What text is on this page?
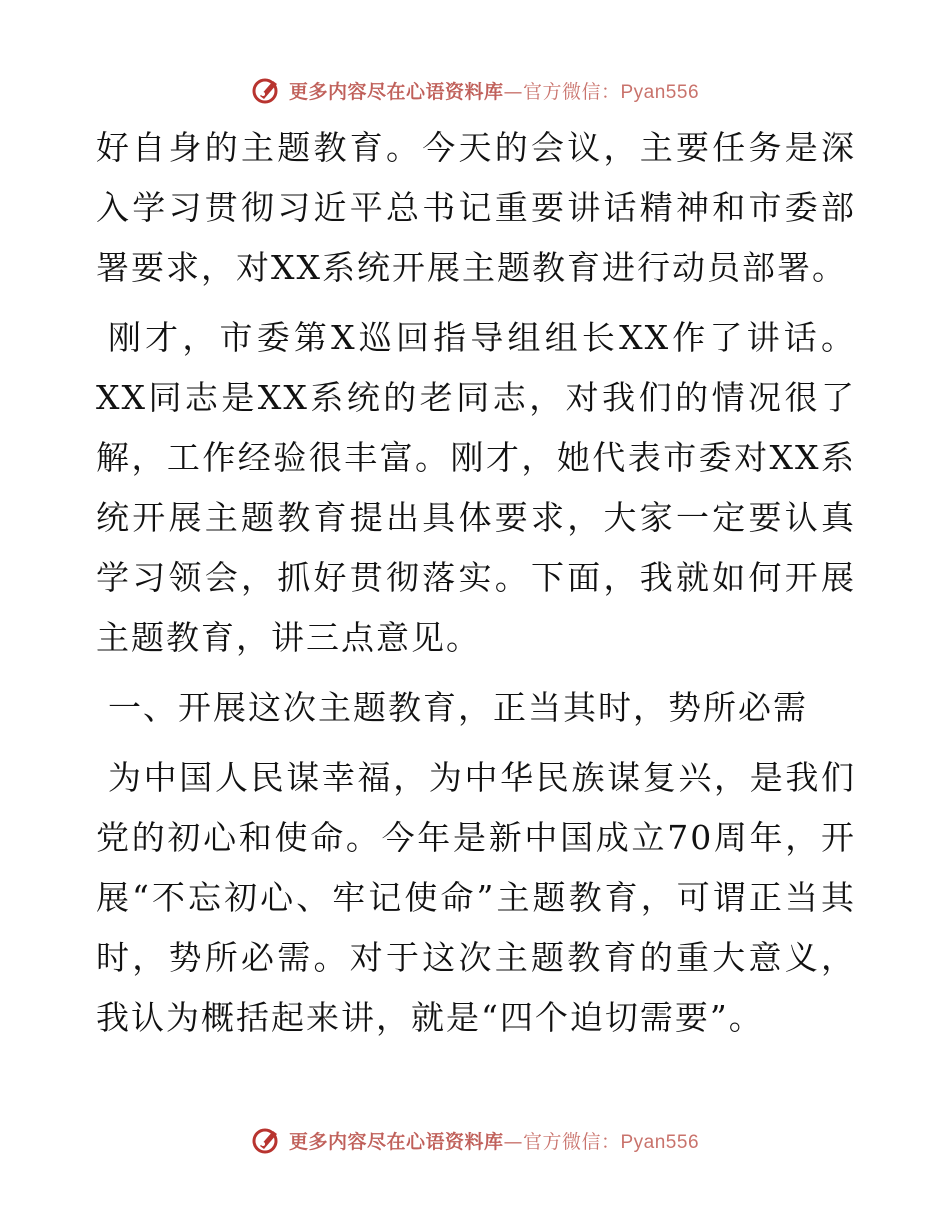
更多内容尽在心语资料库—官方微信：Pyan556

好自身的主题教育。今天的会议，主要任务是深入学习贯彻习近平总书记重要讲话精神和市委部署要求，对XX系统开展主题教育进行动员部署。

刚才，市委第X巡回指导组组长XX作了讲话。XX同志是XX系统的老同志，对我们的情况很了解，工作经验很丰富。刚才，她代表市委对XX系统开展主题教育提出具体要求，大家一定要认真学习领会，抓好贯彻落实。下面，我就如何开展主题教育，讲三点意见。

一、开展这次主题教育，正当其时，势所必需

为中国人民谋幸福，为中华民族谋复兴，是我们党的初心和使命。今年是新中国成立70周年，开展“不忘初心、牢记使命”主题教育，可谓正当其时，势所必需。对于这次主题教育的重大意义，我认为概括起来讲，就是“四个迫切需要”。

更多内容尽在心语资料库—官方微信：Pyan556
